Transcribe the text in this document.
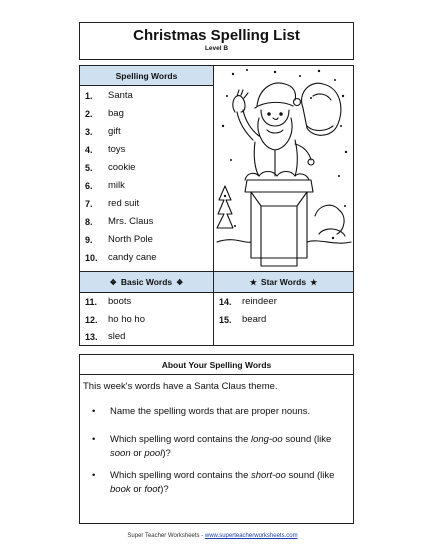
Christmas Spelling List
Level B
Spelling Words
1. Santa
2. bag
3. gift
4. toys
5. cookie
6. milk
7. red suit
8. Mrs. Claus
9. North Pole
10. candy cane
❖ Basic Words ❖	★ Star Words ★
11. boots
12. ho ho ho
13. sled
14. reindeer
15. beard
About Your Spelling Words
This week's words have a Santa Claus theme.
• Name the spelling words that are proper nouns.
• Which spelling word contains the long-oo sound (like soon or pool)?
• Which spelling word contains the short-oo sound (like book or foot)?
Super Teacher Worksheets - www.superteacherworksheets.com
